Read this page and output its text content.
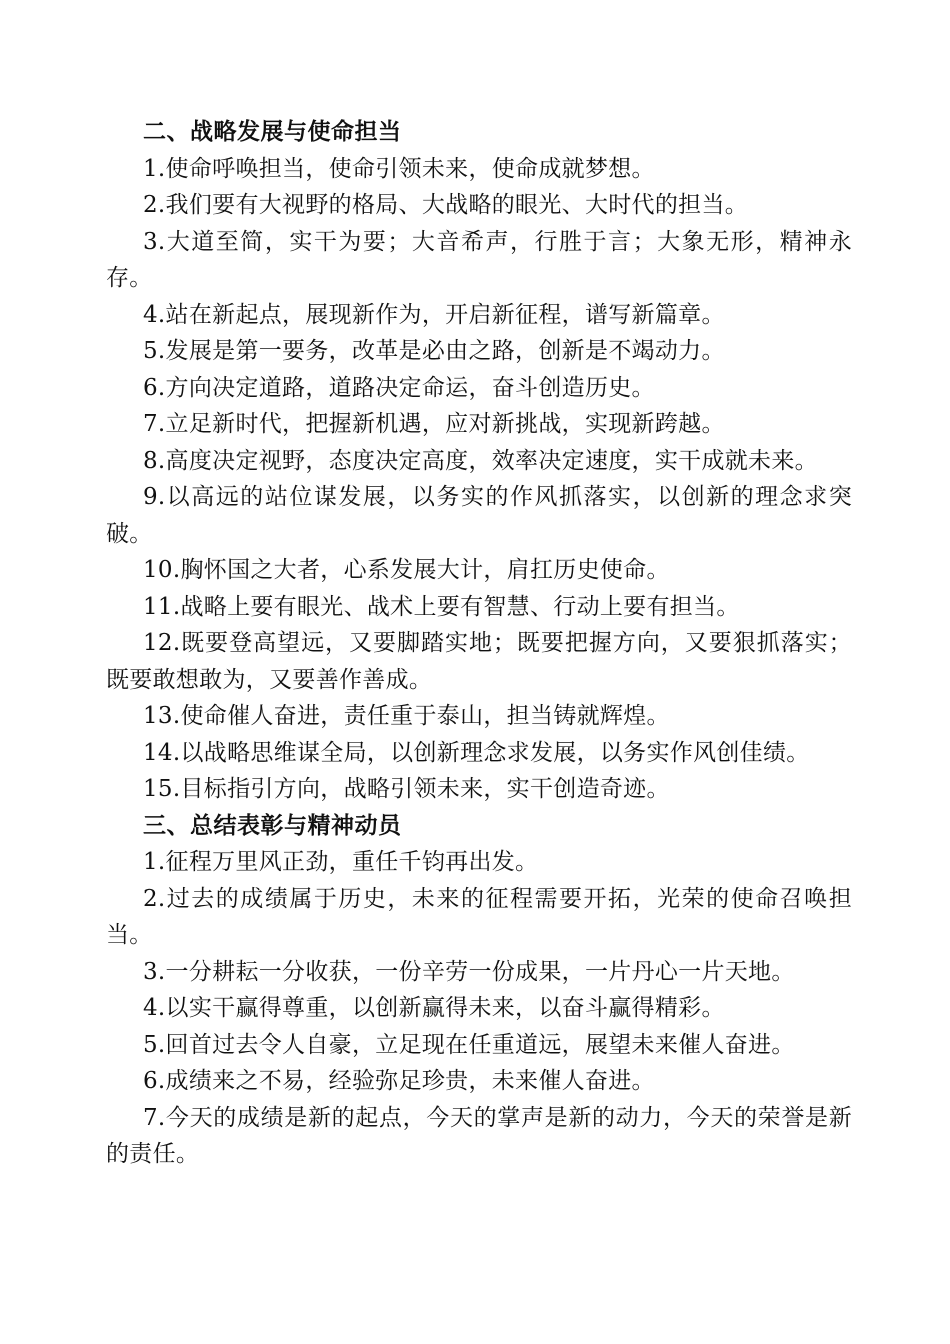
二、战略发展与使命担当

1.使命呼唤担当，使命引领未来，使命成就梦想。

2.我们要有大视野的格局、大战略的眼光、大时代的担当。

3.大道至简，实干为要；大音希声，行胜于言；大象无形，精神永存。

4.站在新起点，展现新作为，开启新征程，谱写新篇章。

5.发展是第一要务，改革是必由之路，创新是不竭动力。

6.方向决定道路，道路决定命运，奋斗创造历史。

7.立足新时代，把握新机遇，应对新挑战，实现新跨越。

8.高度决定视野，态度决定高度，效率决定速度，实干成就未来。

9.以高远的站位谋发展，以务实的作风抓落实，以创新的理念求突破。

10.胸怀国之大者，心系发展大计，肩扛历史使命。

11.战略上要有眼光、战术上要有智慧、行动上要有担当。

12.既要登高望远，又要脚踏实地；既要把握方向，又要狠抓落实；既要敢想敢为，又要善作善成。

13.使命催人奋进，责任重于泰山，担当铸就辉煌。

14.以战略思维谋全局，以创新理念求发展，以务实作风创佳绩。

15.目标指引方向，战略引领未来，实干创造奇迹。

三、总结表彰与精神动员

1.征程万里风正劲，重任千钧再出发。

2.过去的成绩属于历史，未来的征程需要开拓，光荣的使命召唤担当。

3.一分耕耘一分收获，一份辛劳一份成果，一片丹心一片天地。

4.以实干赢得尊重，以创新赢得未来，以奋斗赢得精彩。

5.回首过去令人自豪，立足现在任重道远，展望未来催人奋进。

6.成绩来之不易，经验弥足珍贵，未来催人奋进。

7.今天的成绩是新的起点，今天的掌声是新的动力，今天的荣誉是新的责任。
